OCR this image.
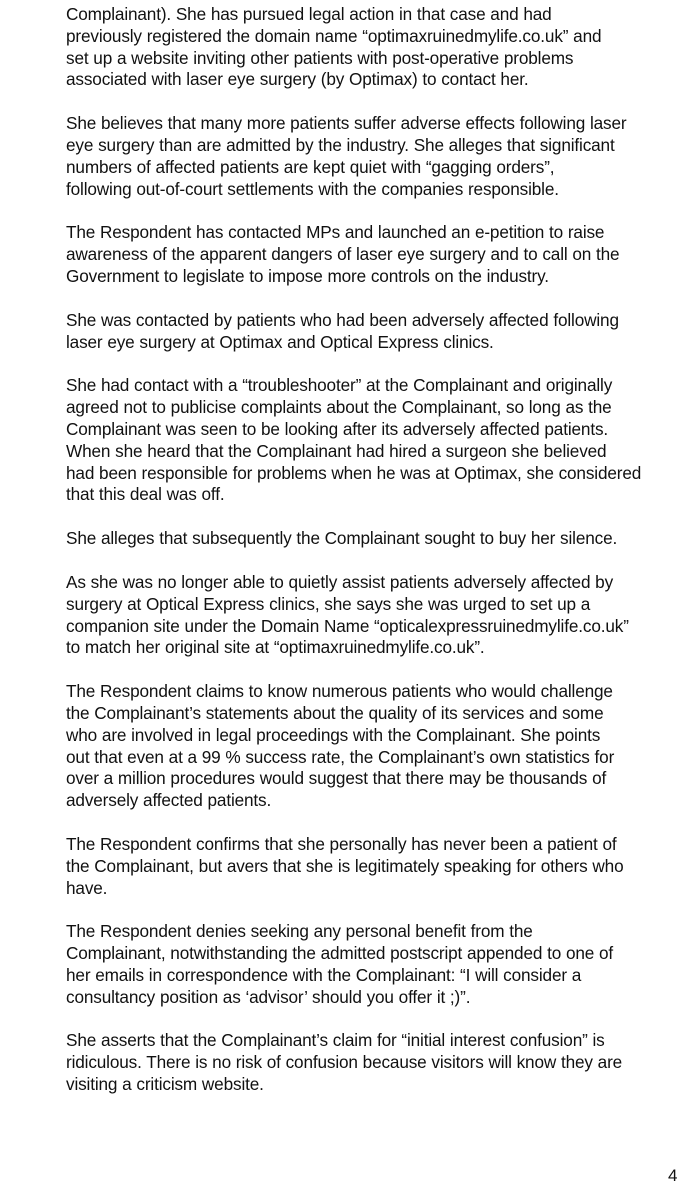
Complainant). She has pursued legal action in that case and had
previously registered the domain name “optimaxruinedmylife.co.uk” and
set up a website inviting other patients with post-operative problems
associated with laser eye surgery (by Optimax) to contact her.

She believes that many more patients suffer adverse effects following laser
eye surgery than are admitted by the industry. She alleges that significant
numbers of affected patients are kept quiet with “gagging orders”,
following out-of-court settlements with the companies responsible.

The Respondent has contacted MPs and launched an e-petition to raise
awareness of the apparent dangers of laser eye surgery and to call on the
Government to legislate to impose more controls on the industry.

She was contacted by patients who had been adversely affected following
laser eye surgery at Optimax and Optical Express clinics.

She had contact with a “troubleshooter” at the Complainant and originally
agreed not to publicise complaints about the Complainant, so long as the
Complainant was seen to be looking after its adversely affected patients.
When she heard that the Complainant had hired a surgeon she believed
had been responsible for problems when he was at Optimax, she considered
that this deal was off.

She alleges that subsequently the Complainant sought to buy her silence.

As she was no longer able to quietly assist patients adversely affected by
surgery at Optical Express clinics, she says she was urged to set up a
companion site under the Domain Name “opticalexpressruinedmylife.co.uk”
to match her original site at “optimaxruinedmylife.co.uk”.

The Respondent claims to know numerous patients who would challenge
the Complainant’s statements about the quality of its services and some
who are involved in legal proceedings with the Complainant. She points
out that even at a 99 % success rate, the Complainant’s own statistics for
over a million procedures would suggest that there may be thousands of
adversely affected patients.

The Respondent confirms that she personally has never been a patient of
the Complainant, but avers that she is legitimately speaking for others who
have.

The Respondent denies seeking any personal benefit from the
Complainant, notwithstanding the admitted postscript appended to one of
her emails in correspondence with the Complainant: “I will consider a
consultancy position as ‘advisor’ should you offer it ;)”.

She asserts that the Complainant’s claim for “initial interest confusion” is
ridiculous. There is no risk of confusion because visitors will know they are
visiting a criticism website.

4
